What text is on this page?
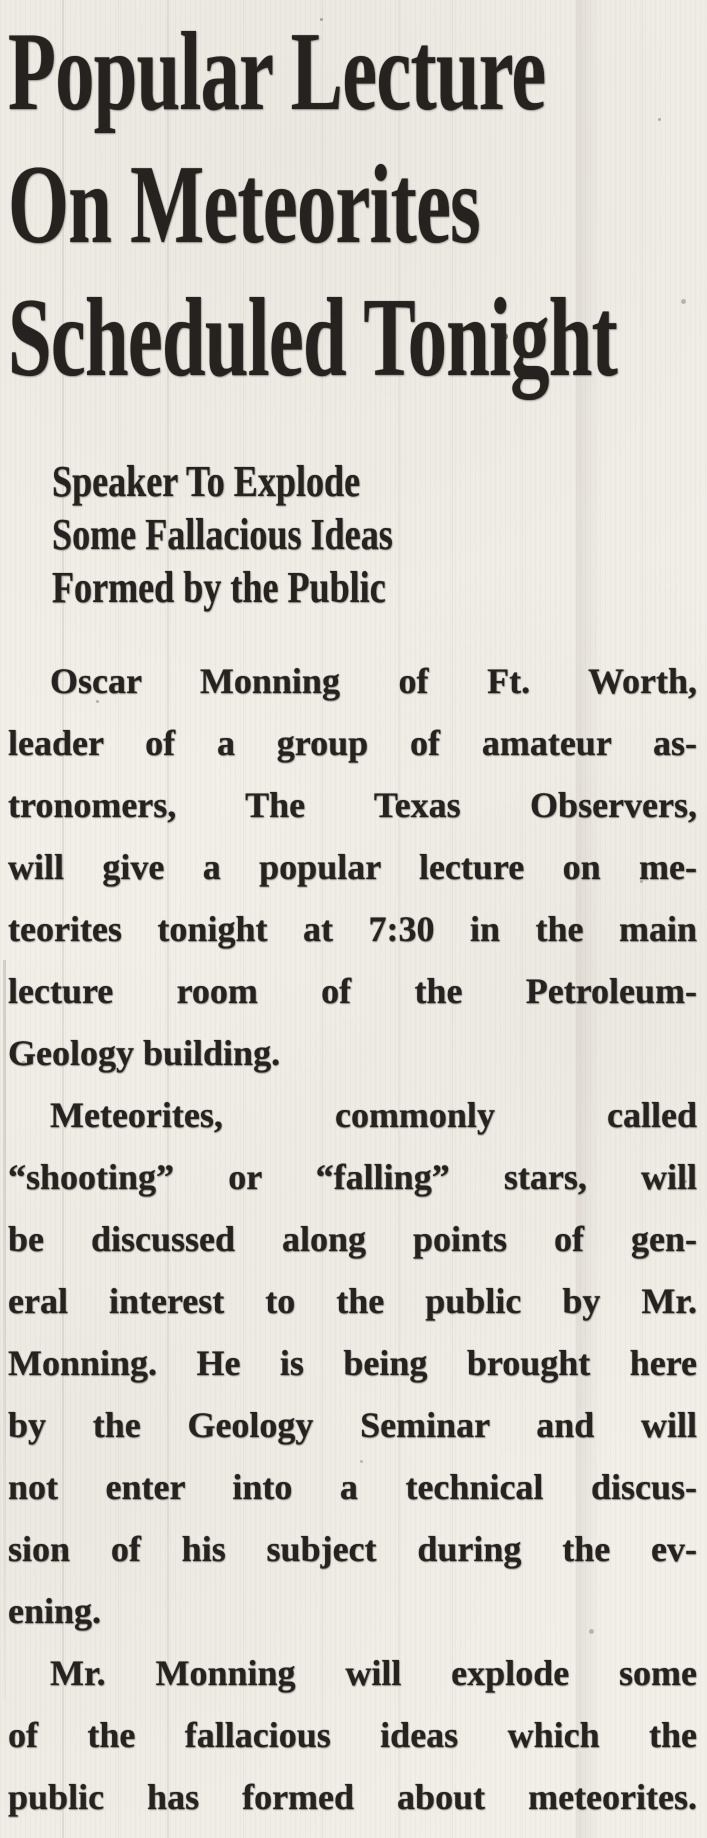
Popular Lecture
On Meteorites
Scheduled Tonight
Speaker To Explode
Some Fallacious Ideas
Formed by the Public
Oscar Monning of Ft. Worth,
leader of a group of amateur as-
tronomers, The Texas Observers,
will give a popular lecture on me-
teorites tonight at 7:30 in the main
lecture room of the Petroleum-
Geology building.
Meteorites, commonly called
“shooting” or “falling” stars, will
be discussed along points of gen-
eral interest to the public by Mr.
Monning. He is being brought here
by the Geology Seminar and will
not enter into a technical discus-
sion of his subject during the ev-
ening.
Mr. Monning will explode some
of the fallacious ideas which the
public has formed about meteorites.
